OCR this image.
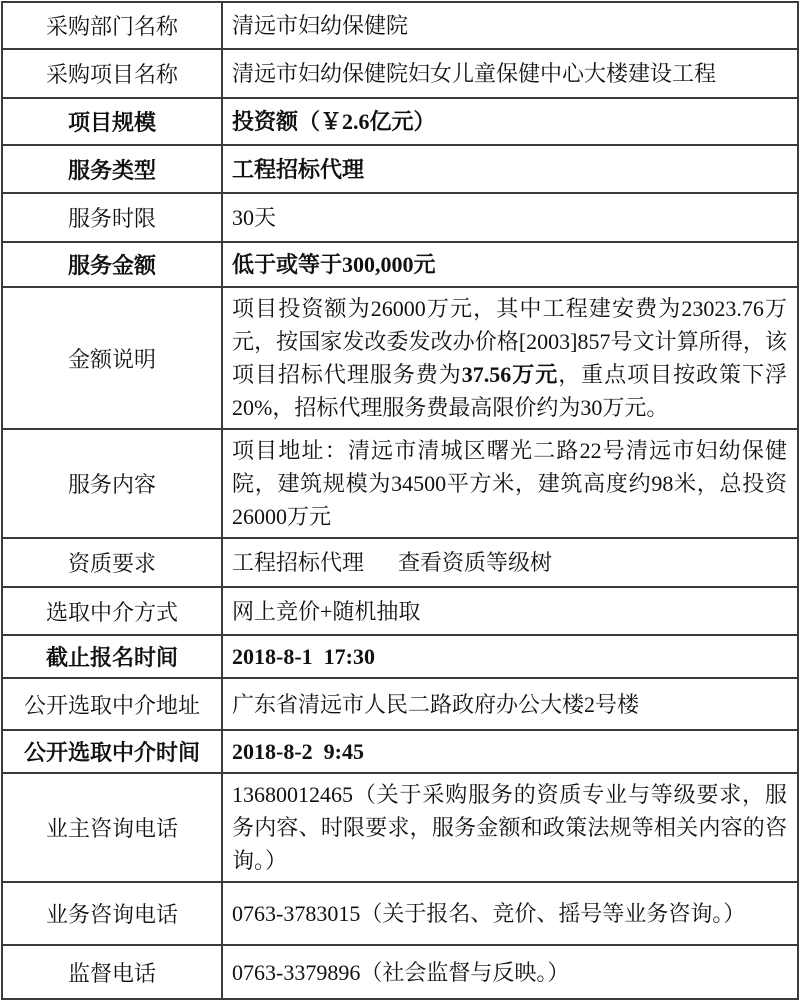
采购部门名称	清远市妇幼保健院
采购项目名称	清远市妇幼保健院妇女儿童保健中心大楼建设工程
项目规模	投资额（￥2.6亿元）
服务类型	工程招标代理
服务时限	30天
服务金额	低于或等于300,000元
金额说明	项目投资额为26000万元，其中工程建安费为23023.76万元，按国家发改委发改办价格[2003]857号文计算所得，该项目招标代理服务费为37.56万元，重点项目按政策下浮20%，招标代理服务费最高限价约为30万元。
服务内容	项目地址：清远市清城区曙光二路22号清远市妇幼保健院，建筑规模为34500平方米，建筑高度约98米，总投资26000万元
资质要求	工程招标代理 查看资质等级树
选取中介方式	网上竞价+随机抽取
截止报名时间	2018-8-1  17:30
公开选取中介地址	广东省清远市人民二路政府办公大楼2号楼
公开选取中介时间	2018-8-2  9:45
业主咨询电话	13680012465（关于采购服务的资质专业与等级要求，服务内容、时限要求，服务金额和政策法规等相关内容的咨询。）
业务咨询电话	0763-3783015（关于报名、竞价、摇号等业务咨询。）
监督电话	0763-3379896（社会监督与反映。）
